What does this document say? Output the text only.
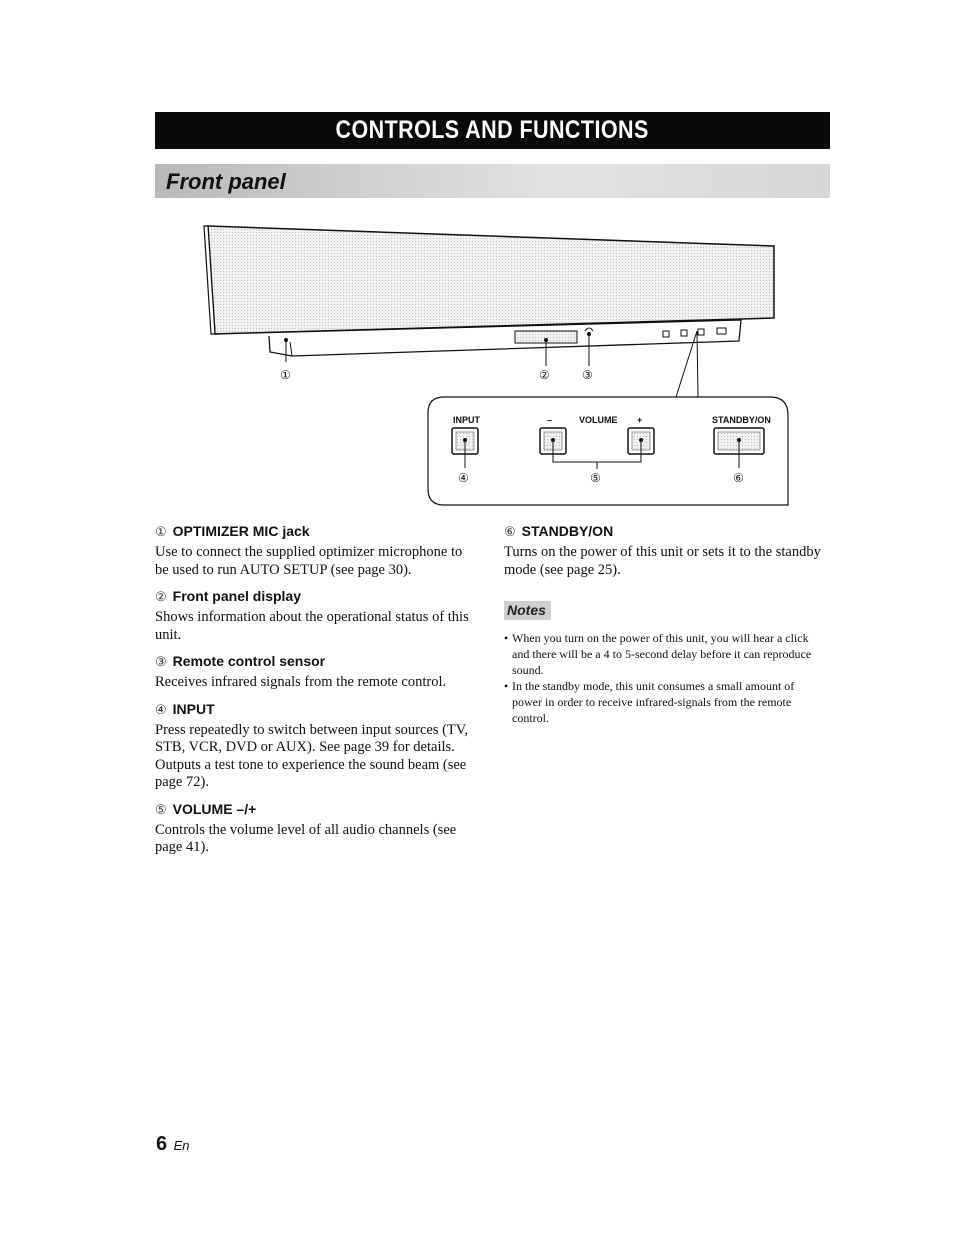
CONTROLS AND FUNCTIONS
Front panel
①	②	③
INPUT	–	VOLUME +	STANDBY/ON
④	⑤	⑥
① OPTIMIZER MIC jack

Use to connect the supplied optimizer microphone to be used to run AUTO SETUP (see page 30).

② Front panel display

Shows information about the operational status of this unit.

③ Remote control sensor

Receives infrared signals from the remote control.

④ INPUT

Press repeatedly to switch between input sources (TV, STB, VCR, DVD or AUX). See page 39 for details. Outputs a test tone to experience the sound beam (see page 72).

⑤ VOLUME –/+

Controls the volume level of all audio channels (see page 41).

⑥ STANDBY/ON

Turns on the power of this unit or sets it to the standby mode (see page 25).

Notes
• When you turn on the power of this unit, you will hear a click and there will be a 4 to 5-second delay before it can reproduce sound.
• In the standby mode, this unit consumes a small amount of power in order to receive infrared-signals from the remote control.
6 En
